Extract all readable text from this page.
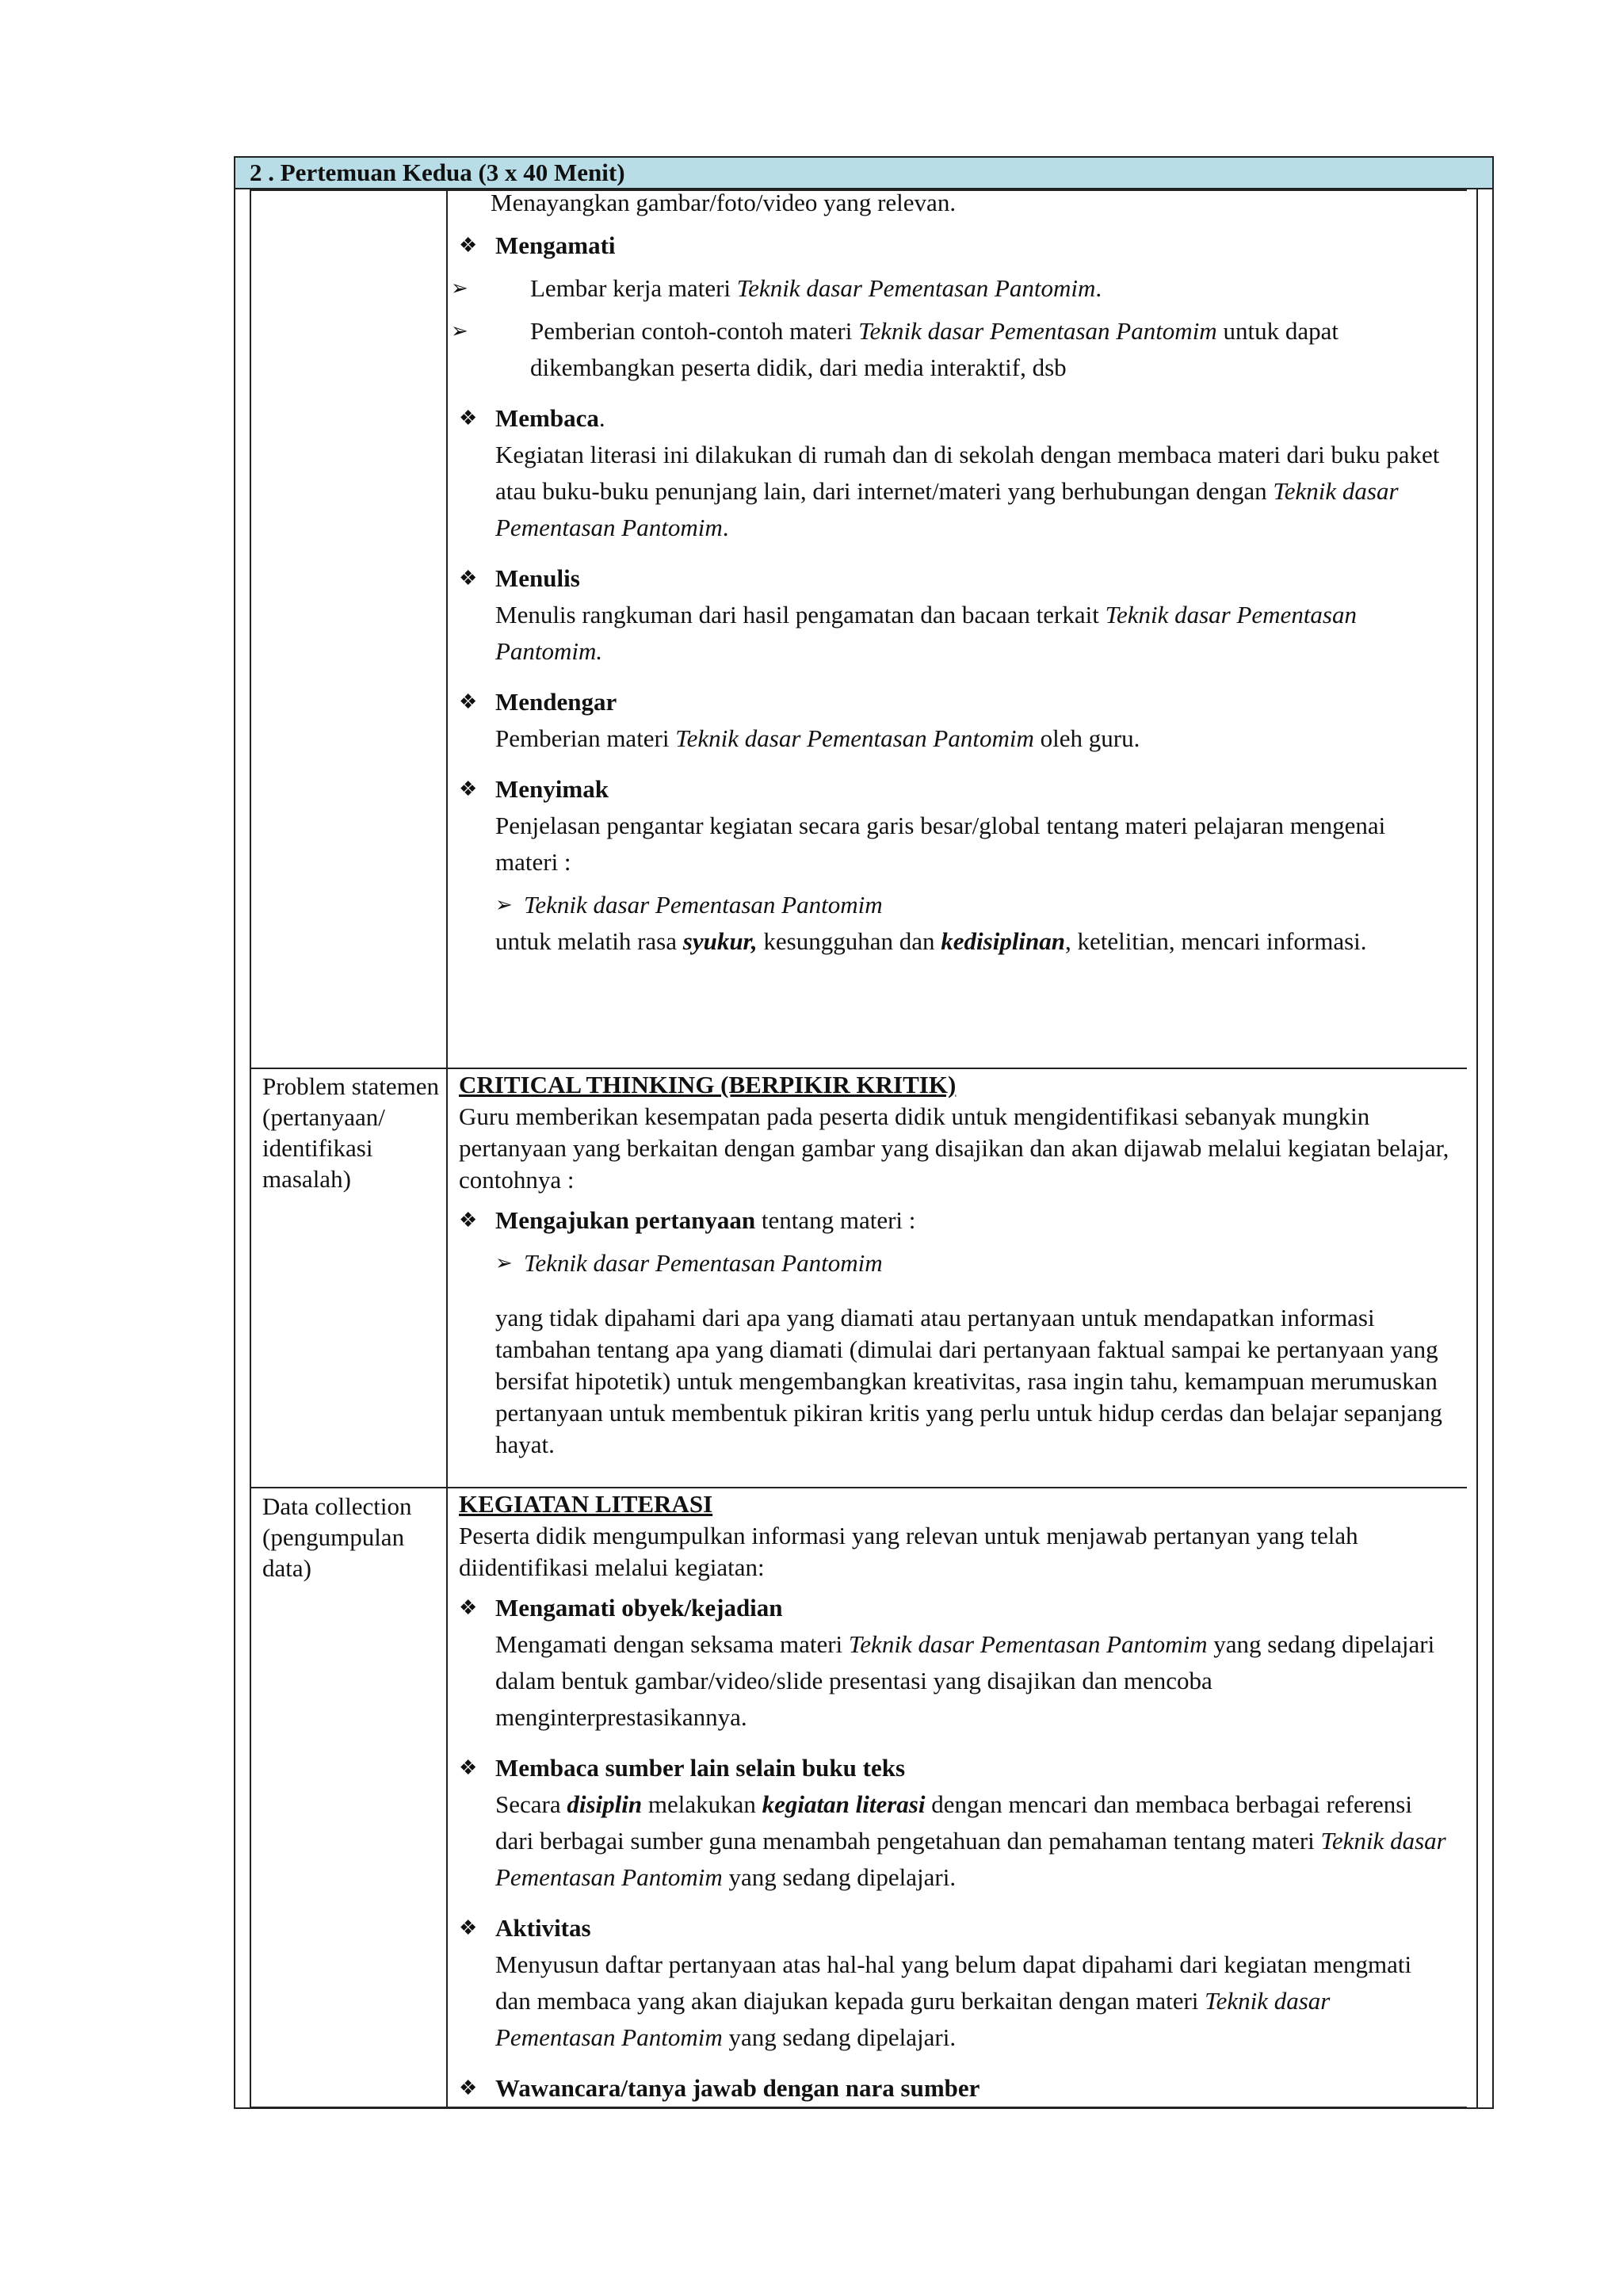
2 . Pertemuan Kedua (3 x 40 Menit)
Menayangkan gambar/foto/video yang relevan.
❖ Mengamati
➢	Lembar kerja materi Teknik dasar Pementasan Pantomim.
➢	Pemberian contoh-contoh materi Teknik dasar Pementasan Pantomim untuk dapat dikembangkan peserta didik, dari media interaktif, dsb
❖ Membaca.
Kegiatan literasi ini dilakukan di rumah dan di sekolah dengan membaca materi dari buku paket atau buku-buku penunjang lain, dari internet/materi yang berhubungan dengan Teknik dasar Pementasan Pantomim.
❖ Menulis
Menulis rangkuman dari hasil pengamatan dan bacaan terkait Teknik dasar Pementasan Pantomim.
❖ Mendengar
Pemberian materi Teknik dasar Pementasan Pantomim oleh guru.
❖ Menyimak
Penjelasan pengantar kegiatan secara garis besar/global tentang materi pelajaran mengenai materi :
➢ Teknik dasar Pementasan Pantomim
untuk melatih rasa syukur, kesungguhan dan kedisiplinan, ketelitian, mencari informasi.
Problem statemen (pertanyaan/ identifikasi masalah)
CRITICAL THINKING (BERPIKIR KRITIK)
Guru memberikan kesempatan pada peserta didik untuk mengidentifikasi sebanyak mungkin pertanyaan yang berkaitan dengan gambar yang disajikan dan akan dijawab melalui kegiatan belajar, contohnya :
❖ Mengajukan pertanyaan tentang materi :
➢ Teknik dasar Pementasan Pantomim
yang tidak dipahami dari apa yang diamati atau pertanyaan untuk mendapatkan informasi tambahan tentang apa yang diamati (dimulai dari pertanyaan faktual sampai ke pertanyaan yang bersifat hipotetik) untuk mengembangkan kreativitas, rasa ingin tahu, kemampuan merumuskan pertanyaan untuk membentuk pikiran kritis yang perlu untuk hidup cerdas dan belajar sepanjang hayat.
Data collection (pengumpulan data)
KEGIATAN LITERASI
Peserta didik mengumpulkan informasi yang relevan untuk menjawab pertanyan yang telah diidentifikasi melalui kegiatan:
❖ Mengamati obyek/kejadian
Mengamati dengan seksama materi Teknik dasar Pementasan Pantomim yang sedang dipelajari dalam bentuk gambar/video/slide presentasi yang disajikan dan mencoba menginterprestasikannya.
❖ Membaca sumber lain selain buku teks
Secara disiplin melakukan kegiatan literasi dengan mencari dan membaca berbagai referensi dari berbagai sumber guna menambah pengetahuan dan pemahaman tentang materi Teknik dasar Pementasan Pantomim yang sedang dipelajari.
❖ Aktivitas
Menyusun daftar pertanyaan atas hal-hal yang belum dapat dipahami dari kegiatan mengmati dan membaca yang akan diajukan kepada guru berkaitan dengan materi Teknik dasar Pementasan Pantomim yang sedang dipelajari.
❖ Wawancara/tanya jawab dengan nara sumber
